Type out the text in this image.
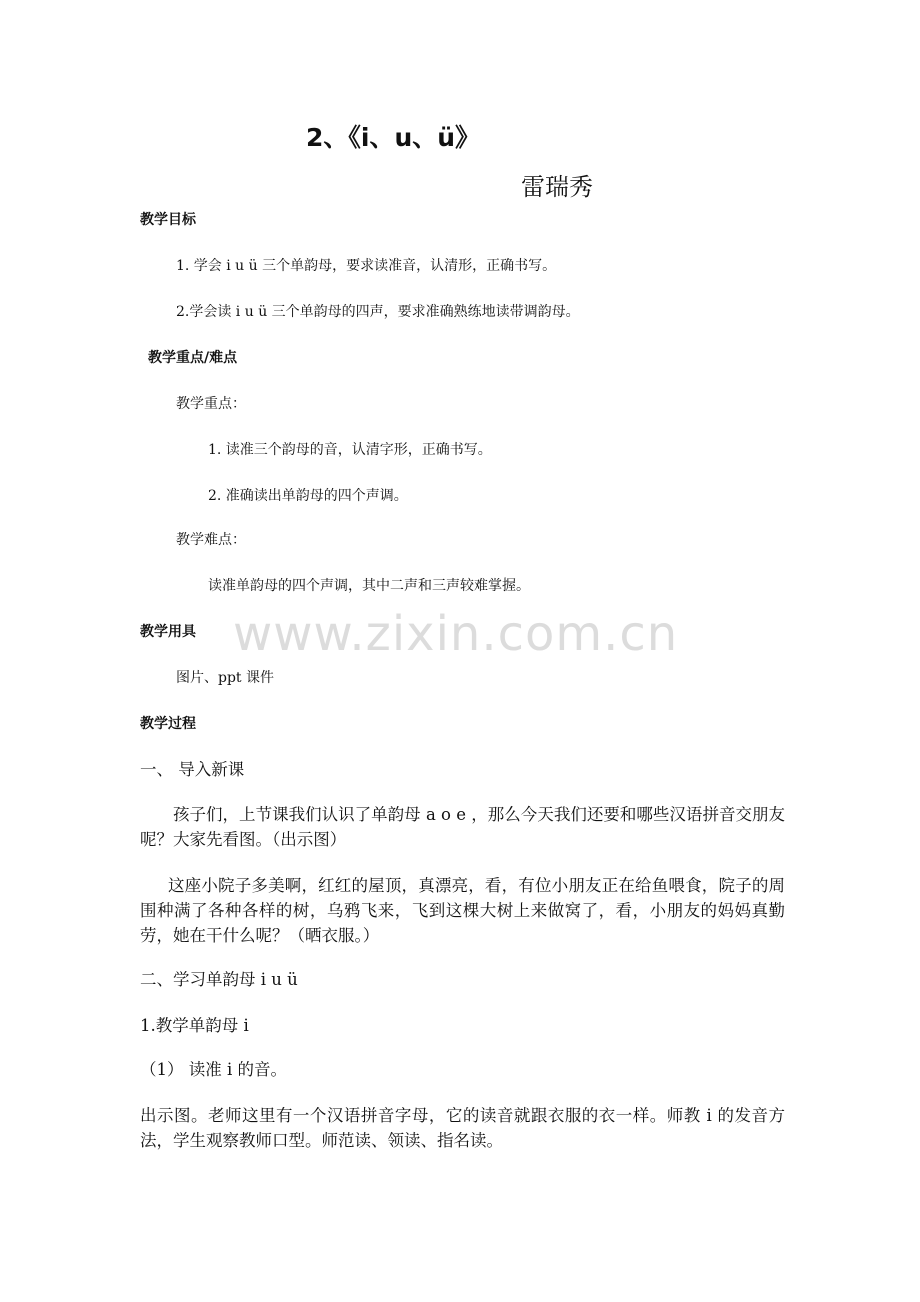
2、《i、u、ü》
雷瑞秀
教学目标
1. 学会 i u ü 三个单韵母，要求读准音，认清形，正确书写。
2.学会读 i u ü 三个单韵母的四声，要求准确熟练地读带调韵母。
教学重点/难点
教学重点：
1. 读准三个韵母的音，认清字形，正确书写。
2. 准确读出单韵母的四个声调。
教学难点：
读准单韵母的四个声调，其中二声和三声较难掌握。
www.zixin.com.cn
教学用具
图片、ppt 课件
教学过程
一、 导入新课
孩子们，上节课我们认识了单韵母 a o e ，那么今天我们还要和哪些汉语拼音交朋友呢？大家先看图。（出示图）
这座小院子多美啊，红红的屋顶，真漂亮，看，有位小朋友正在给鱼喂食，院子的周围种满了各种各样的树，乌鸦飞来，飞到这棵大树上来做窝了，看，小朋友的妈妈真勤劳，她在干什么呢？（晒衣服。）
二、学习单韵母 i u ü
1.教学单韵母 i
（1） 读准 i 的音。
出示图。老师这里有一个汉语拼音字母，它的读音就跟衣服的衣一样。师教 i 的发音方法，学生观察教师口型。师范读、领读、指名读。
